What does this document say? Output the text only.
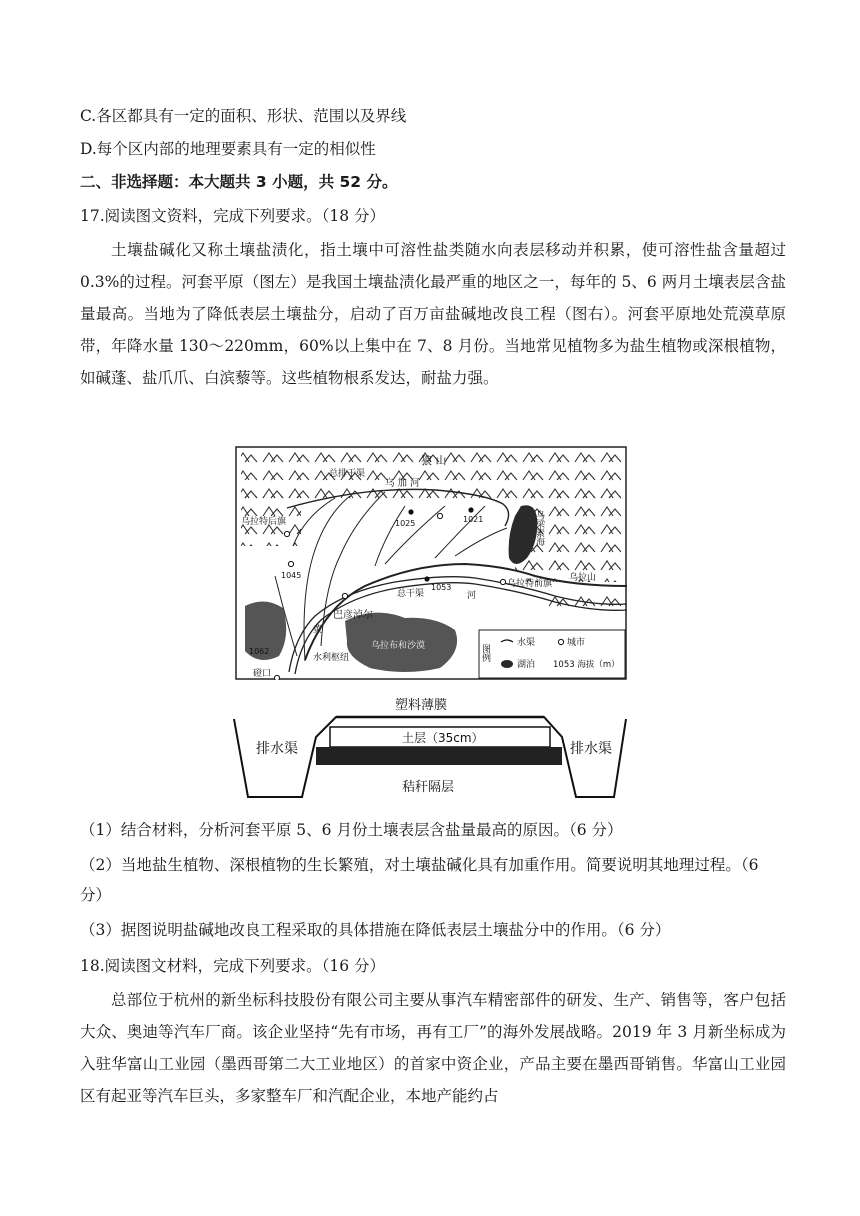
C.各区都具有一定的面积、形状、范围以及界线
D.每个区内部的地理要素具有一定的相似性
二、非选择题：本大题共 3 小题，共 52 分。
17.阅读图文资料，完成下列要求。（18 分）
土壤盐碱化又称土壤盐渍化，指土壤中可溶性盐类随水向表层移动并积累，使可溶性盐含量超过 0.3%的过程。河套平原（图左）是我国土壤盐渍化最严重的地区之一，每年的 5、6 两月土壤表层含盐量最高。当地为了降低表层土壤盐分，启动了百万亩盐碱地改良工程（图右）。河套平原地处荒漠草原带，年降水量 130～220mm，60%以上集中在 7、8 月份。当地常见植物多为盐生植物或深根植物，如碱蓬、盐爪爪、白滨藜等。这些植物根系发达，耐盐力强。
狼 山
总排干渠
乌 加 河
乌拉特后旗	1025	1021
1045
1053
1062
乌梁素海
总干渠	河
乌拉特前旗
乌拉山
巴彦淖尔
黄
乌拉布和沙漠
水利枢纽
磴口
图例
水渠	城市
湖泊 1053 海拔（m）
塑料薄膜
土层（35cm）
秸秆隔层
排水渠	排水渠
（1）结合材料，分析河套平原 5、6 月份土壤表层含盐量最高的原因。（6 分）
（2）当地盐生植物、深根植物的生长繁殖，对土壤盐碱化具有加重作用。简要说明其地理过程。（6 分）
（3）据图说明盐碱地改良工程采取的具体措施在降低表层土壤盐分中的作用。（6 分）
18.阅读图文材料，完成下列要求。（16 分）
总部位于杭州的新坐标科技股份有限公司主要从事汽车精密部件的研发、生产、销售等，客户包括大众、奥迪等汽车厂商。该企业坚持“先有市场，再有工厂”的海外发展战略。2019 年 3 月新坐标成为入驻华富山工业园（墨西哥第二大工业地区）的首家中资企业，产品主要在墨西哥销售。华富山工业园区有起亚等汽车巨头，多家整车厂和汽配企业，本地产能约占
